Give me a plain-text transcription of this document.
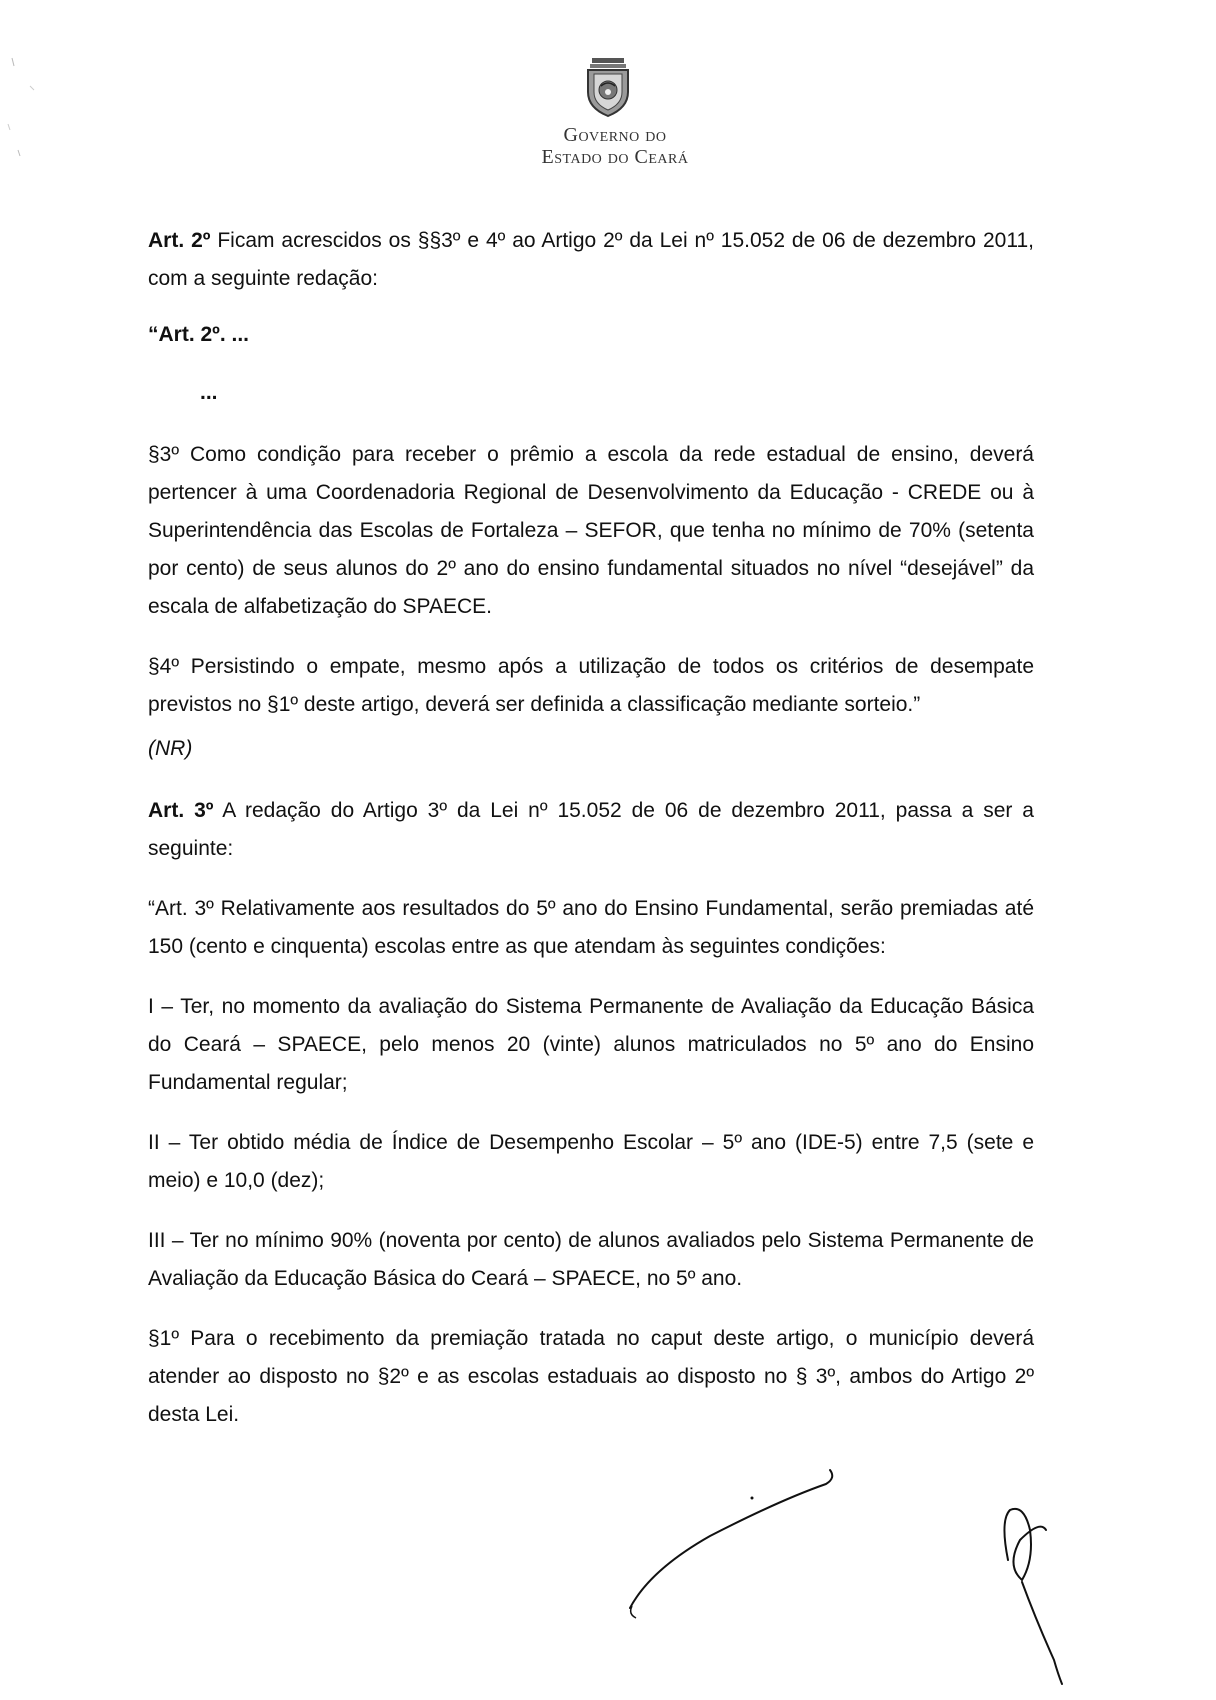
Governo do
Estado do Ceará

Art. 2º Ficam acrescidos os §§3º e 4º ao Artigo 2º da Lei nº 15.052 de 06 de dezembro 2011, com a seguinte redação:

“Art. 2º. ...

...

§3º Como condição para receber o prêmio a escola da rede estadual de ensino, deverá pertencer à uma Coordenadoria Regional de Desenvolvimento da Educação - CREDE ou à Superintendência das Escolas de Fortaleza – SEFOR, que tenha no mínimo de 70% (setenta por cento) de seus alunos do 2º ano do ensino fundamental situados no nível “desejável” da escala de alfabetização do SPAECE.

§4º Persistindo o empate, mesmo após a utilização de todos os critérios de desempate previstos no §1º deste artigo, deverá ser definida a classificação mediante sorteio.”

(NR)

Art. 3º A redação do Artigo 3º da Lei nº 15.052 de 06 de dezembro 2011, passa a ser a seguinte:

“Art. 3º Relativamente aos resultados do 5º ano do Ensino Fundamental, serão premiadas até 150 (cento e cinquenta) escolas entre as que atendam às seguintes condições:

I – Ter, no momento da avaliação do Sistema Permanente de Avaliação da Educação Básica do Ceará – SPAECE, pelo menos 20 (vinte) alunos matriculados no 5º ano do Ensino Fundamental regular;

II – Ter obtido média de Índice de Desempenho Escolar – 5º ano (IDE-5) entre 7,5 (sete e meio) e 10,0 (dez);

III – Ter no mínimo 90% (noventa por cento) de alunos avaliados pelo Sistema Permanente de Avaliação da Educação Básica do Ceará – SPAECE, no 5º ano.

§1º Para o recebimento da premiação tratada no caput deste artigo, o município deverá atender ao disposto no §2º e as escolas estaduais ao disposto no § 3º, ambos do Artigo 2º desta Lei.
